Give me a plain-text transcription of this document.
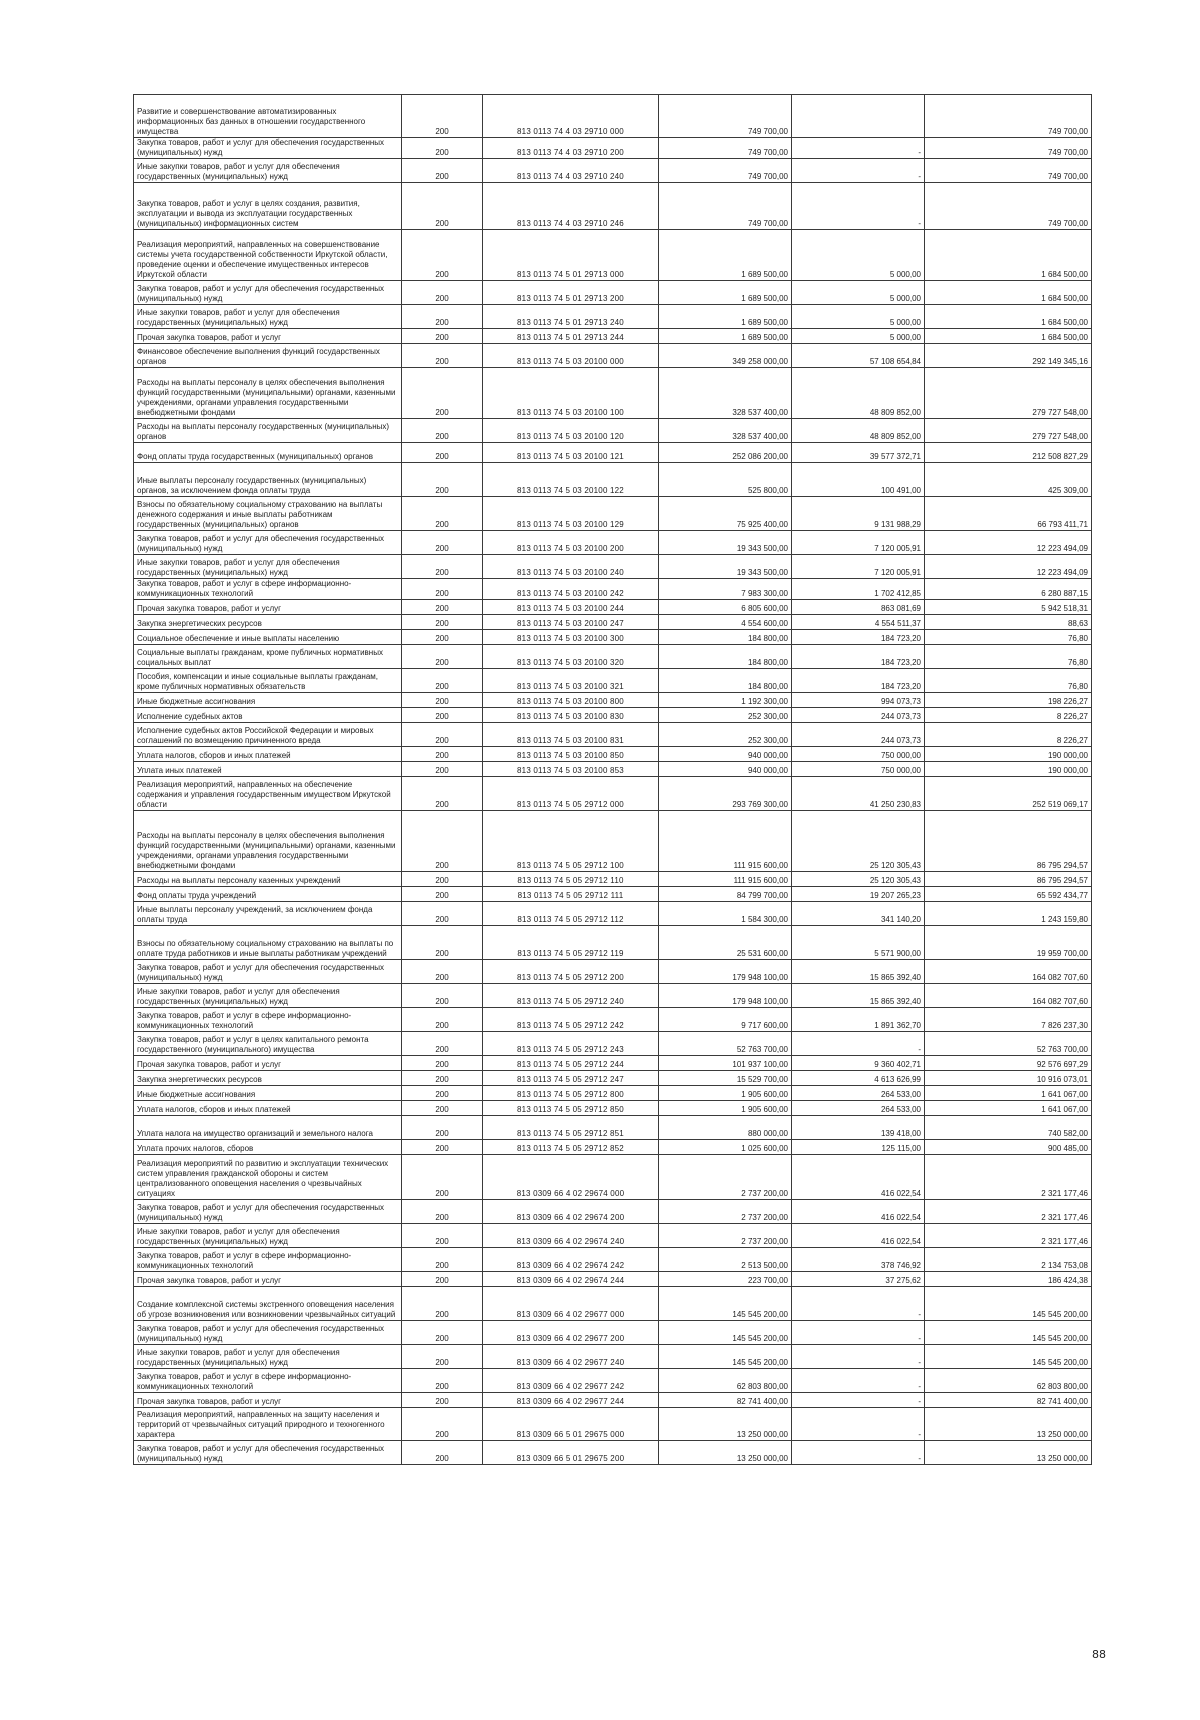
Развитие и совершенствование автоматизированных информационных баз данных в отношении государственного имущества	200	813 0113 74 4 03 29710 000	749 700,00		749 700,00
Закупка товаров, работ и услуг для обеспечения государственных (муниципальных) нужд	200	813 0113 74 4 03 29710 200	749 700,00	-	749 700,00
Иные закупки товаров, работ и услуг для обеспечения государственных (муниципальных) нужд	200	813 0113 74 4 03 29710 240	749 700,00	-	749 700,00
Закупка товаров, работ и услуг в целях создания, развития, эксплуатации и вывода из эксплуатации государственных (муниципальных) информационных систем	200	813 0113 74 4 03 29710 246	749 700,00	-	749 700,00
Реализация мероприятий, направленных на совершенствование системы учета государственной собственности Иркутской области, проведение оценки и обеспечение имущественных интересов Иркутской области	200	813 0113 74 5 01 29713 000	1 689 500,00	5 000,00	1 684 500,00
Закупка товаров, работ и услуг для обеспечения государственных (муниципальных) нужд	200	813 0113 74 5 01 29713 200	1 689 500,00	5 000,00	1 684 500,00
Иные закупки товаров, работ и услуг для обеспечения государственных (муниципальных) нужд	200	813 0113 74 5 01 29713 240	1 689 500,00	5 000,00	1 684 500,00
Прочая закупка товаров, работ и услуг	200	813 0113 74 5 01 29713 244	1 689 500,00	5 000,00	1 684 500,00
Финансовое обеспечение выполнения функций государственных органов	200	813 0113 74 5 03 20100 000	349 258 000,00	57 108 654,84	292 149 345,16
Расходы на выплаты персоналу в целях обеспечения выполнения функций государственными (муниципальными) органами, казенными учреждениями, органами управления государственными внебюджетными фондами	200	813 0113 74 5 03 20100 100	328 537 400,00	48 809 852,00	279 727 548,00
Расходы на выплаты персоналу государственных (муниципальных) органов	200	813 0113 74 5 03 20100 120	328 537 400,00	48 809 852,00	279 727 548,00
Фонд оплаты труда государственных (муниципальных) органов	200	813 0113 74 5 03 20100 121	252 086 200,00	39 577 372,71	212 508 827,29
Иные выплаты персоналу государственных (муниципальных) органов, за исключением фонда оплаты труда	200	813 0113 74 5 03 20100 122	525 800,00	100 491,00	425 309,00
Взносы по обязательному социальному страхованию на выплаты денежного содержания и иные выплаты работникам государственных (муниципальных) органов	200	813 0113 74 5 03 20100 129	75 925 400,00	9 131 988,29	66 793 411,71
Закупка товаров, работ и услуг для обеспечения государственных (муниципальных) нужд	200	813 0113 74 5 03 20100 200	19 343 500,00	7 120 005,91	12 223 494,09
Иные закупки товаров, работ и услуг для обеспечения государственных (муниципальных) нужд	200	813 0113 74 5 03 20100 240	19 343 500,00	7 120 005,91	12 223 494,09
Закупка товаров, работ и услуг в сфере информационно-коммуникационных технологий	200	813 0113 74 5 03 20100 242	7 983 300,00	1 702 412,85	6 280 887,15
Прочая закупка товаров, работ и услуг	200	813 0113 74 5 03 20100 244	6 805 600,00	863 081,69	5 942 518,31
Закупка энергетических ресурсов	200	813 0113 74 5 03 20100 247	4 554 600,00	4 554 511,37	88,63
Социальное обеспечение и иные выплаты населению	200	813 0113 74 5 03 20100 300	184 800,00	184 723,20	76,80
Социальные выплаты гражданам, кроме публичных нормативных социальных выплат	200	813 0113 74 5 03 20100 320	184 800,00	184 723,20	76,80
Пособия, компенсации и иные социальные выплаты гражданам, кроме публичных нормативных обязательств	200	813 0113 74 5 03 20100 321	184 800,00	184 723,20	76,80
Иные бюджетные ассигнования	200	813 0113 74 5 03 20100 800	1 192 300,00	994 073,73	198 226,27
Исполнение судебных актов	200	813 0113 74 5 03 20100 830	252 300,00	244 073,73	8 226,27
Исполнение судебных актов Российской Федерации и мировых соглашений по возмещению причиненного вреда	200	813 0113 74 5 03 20100 831	252 300,00	244 073,73	8 226,27
Уплата налогов, сборов и иных платежей	200	813 0113 74 5 03 20100 850	940 000,00	750 000,00	190 000,00
Уплата иных платежей	200	813 0113 74 5 03 20100 853	940 000,00	750 000,00	190 000,00
Реализация мероприятий, направленных на обеспечение содержания и управления государственным имуществом Иркутской области	200	813 0113 74 5 05 29712 000	293 769 300,00	41 250 230,83	252 519 069,17
Расходы на выплаты персоналу в целях обеспечения выполнения функций государственными (муниципальными) органами, казенными учреждениями, органами управления государственными внебюджетными фондами	200	813 0113 74 5 05 29712 100	111 915 600,00	25 120 305,43	86 795 294,57
Расходы на выплаты персоналу казенных учреждений	200	813 0113 74 5 05 29712 110	111 915 600,00	25 120 305,43	86 795 294,57
Фонд оплаты труда учреждений	200	813 0113 74 5 05 29712 111	84 799 700,00	19 207 265,23	65 592 434,77
Иные выплаты персоналу учреждений, за исключением фонда оплаты труда	200	813 0113 74 5 05 29712 112	1 584 300,00	341 140,20	1 243 159,80
Взносы по обязательному социальному страхованию на выплаты по оплате труда работников и иные выплаты работникам учреждений	200	813 0113 74 5 05 29712 119	25 531 600,00	5 571 900,00	19 959 700,00
Закупка товаров, работ и услуг для обеспечения государственных (муниципальных) нужд	200	813 0113 74 5 05 29712 200	179 948 100,00	15 865 392,40	164 082 707,60
Иные закупки товаров, работ и услуг для обеспечения государственных (муниципальных) нужд	200	813 0113 74 5 05 29712 240	179 948 100,00	15 865 392,40	164 082 707,60
Закупка товаров, работ и услуг в сфере информационно-коммуникационных технологий	200	813 0113 74 5 05 29712 242	9 717 600,00	1 891 362,70	7 826 237,30
Закупка товаров, работ и услуг в целях капитального ремонта государственного (муниципального) имущества	200	813 0113 74 5 05 29712 243	52 763 700,00	-	52 763 700,00
Прочая закупка товаров, работ и услуг	200	813 0113 74 5 05 29712 244	101 937 100,00	9 360 402,71	92 576 697,29
Закупка энергетических ресурсов	200	813 0113 74 5 05 29712 247	15 529 700,00	4 613 626,99	10 916 073,01
Иные бюджетные ассигнования	200	813 0113 74 5 05 29712 800	1 905 600,00	264 533,00	1 641 067,00
Уплата налогов, сборов и иных платежей	200	813 0113 74 5 05 29712 850	1 905 600,00	264 533,00	1 641 067,00
Уплата налога на имущество организаций и земельного налога	200	813 0113 74 5 05 29712 851	880 000,00	139 418,00	740 582,00
Уплата прочих налогов, сборов	200	813 0113 74 5 05 29712 852	1 025 600,00	125 115,00	900 485,00
Реализация мероприятий по развитию и эксплуатации технических систем управления гражданской обороны и систем централизованного оповещения населения о чрезвычайных ситуациях	200	813 0309 66 4 02 29674 000	2 737 200,00	416 022,54	2 321 177,46
Закупка товаров, работ и услуг для обеспечения государственных (муниципальных) нужд	200	813 0309 66 4 02 29674 200	2 737 200,00	416 022,54	2 321 177,46
Иные закупки товаров, работ и услуг для обеспечения государственных (муниципальных) нужд	200	813 0309 66 4 02 29674 240	2 737 200,00	416 022,54	2 321 177,46
Закупка товаров, работ и услуг в сфере информационно-коммуникационных технологий	200	813 0309 66 4 02 29674 242	2 513 500,00	378 746,92	2 134 753,08
Прочая закупка товаров, работ и услуг	200	813 0309 66 4 02 29674 244	223 700,00	37 275,62	186 424,38
Создание комплексной системы экстренного оповещения населения об угрозе возникновения или возникновении чрезвычайных ситуаций	200	813 0309 66 4 02 29677 000	145 545 200,00	-	145 545 200,00
Закупка товаров, работ и услуг для обеспечения государственных (муниципальных) нужд	200	813 0309 66 4 02 29677 200	145 545 200,00	-	145 545 200,00
Иные закупки товаров, работ и услуг для обеспечения государственных (муниципальных) нужд	200	813 0309 66 4 02 29677 240	145 545 200,00	-	145 545 200,00
Закупка товаров, работ и услуг в сфере информационно-коммуникационных технологий	200	813 0309 66 4 02 29677 242	62 803 800,00	-	62 803 800,00
Прочая закупка товаров, работ и услуг	200	813 0309 66 4 02 29677 244	82 741 400,00	-	82 741 400,00
Реализация мероприятий, направленных на защиту населения и территорий от чрезвычайных ситуаций природного и техногенного характера	200	813 0309 66 5 01 29675 000	13 250 000,00	-	13 250 000,00
Закупка товаров, работ и услуг для обеспечения государственных (муниципальных) нужд	200	813 0309 66 5 01 29675 200	13 250 000,00	-	13 250 000,00
88
